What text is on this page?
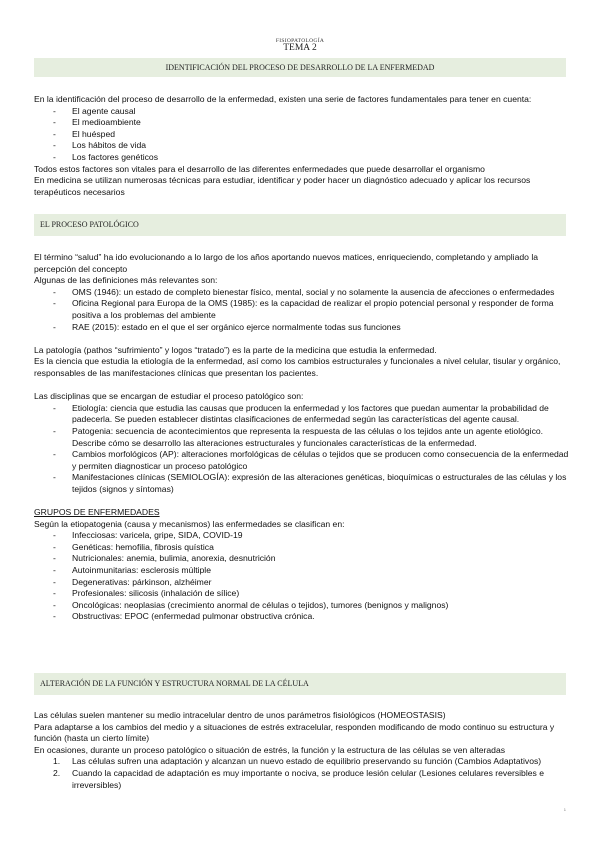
FISIOPATOLOGÍA
TEMA 2
IDENTIFICACIÓN DEL PROCESO DE DESARROLLO DE LA ENFERMEDAD

En la identificación del proceso de desarrollo de la enfermedad, existen una serie de factores fundamentales para tener en cuenta:

- El agente causal
- El medioambiente
- El huésped
- Los hábitos de vida
- Los factores genéticos

Todos estos factores son vitales para el desarrollo de las diferentes enfermedades que puede desarrollar el organismo

En medicina se utilizan numerosas técnicas para estudiar, identificar y poder hacer un diagnóstico adecuado y aplicar los recursos terapéuticos necesarios

EL PROCESO PATOLÓGICO

El término “salud” ha ido evolucionando a lo largo de los años aportando nuevos matices, enriqueciendo, completando y ampliado la percepción del concepto

Algunas de las definiciones más relevantes son:

- OMS (1946): un estado de completo bienestar físico, mental, social y no solamente la ausencia de afecciones o enfermedades
- Oficina Regional para Europa de la OMS (1985): es la capacidad de realizar el propio potencial personal y responder de forma positiva a los problemas del ambiente
- RAE (2015): estado en el que el ser orgánico ejerce normalmente todas sus funciones

La patología (pathos “sufrimiento” y logos “tratado”) es la parte de la medicina que estudia la enfermedad.

Es la ciencia que estudia la etiología de la enfermedad, así como los cambios estructurales y funcionales a nivel celular, tisular y orgánico, responsables de las manifestaciones clínicas que presentan los pacientes.

Las disciplinas que se encargan de estudiar el proceso patológico son:

- Etiología: ciencia que estudia las causas que producen la enfermedad y los factores que puedan aumentar la probabilidad de padecerla. Se pueden establecer distintas clasificaciones de enfermedad según las características del agente causal.
- Patogenia: secuencia de acontecimientos que representa la respuesta de las células o los tejidos ante un agente etiológico. Describe cómo se desarrollo las alteraciones estructurales y funcionales características de la enfermedad.
- Cambios morfológicos (AP): alteraciones morfológicas de células o tejidos que se producen como consecuencia de la enfermedad y permiten diagnosticar un proceso patológico
- Manifestaciones clínicas (SEMIOLOGÍA): expresión de las alteraciones genéticas, bioquímicas o estructurales de las células y los tejidos (signos y síntomas)

GRUPOS DE ENFERMEDADES

Según la etiopatogenia (causa y mecanismos) las enfermedades se clasifican en:

- Infecciosas: varicela, gripe, SIDA, COVID-19
- Genéticas: hemofilia, fibrosis quística
- Nutricionales: anemia, bulimia, anorexia, desnutrición
- Autoinmunitarias: esclerosis múltiple
- Degenerativas: párkinson, alzhéimer
- Profesionales: silicosis (inhalación de sílice)
- Oncológicas: neoplasias (crecimiento anormal de células o tejidos), tumores (benignos y malignos)
- Obstructivas: EPOC (enfermedad pulmonar obstructiva crónica.
ALTERACIÓN DE LA FUNCIÓN Y ESTRUCTURA NORMAL DE LA CÉLULA

Las células suelen mantener su medio intracelular dentro de unos parámetros fisiológicos (HOMEOSTASIS)

Para adaptarse a los cambios del medio y a situaciones de estrés extracelular, responden modificando de modo continuo su estructura y función (hasta un cierto límite)

En ocasiones, durante un proceso patológico o situación de estrés, la función y la estructura de las células se ven alteradas

1. Las células sufren una adaptación y alcanzan un nuevo estado de equilibrio preservando su función (Cambios Adaptativos)
2. Cuando la capacidad de adaptación es muy importante o nociva, se produce lesión celular (Lesiones celulares reversibles e irreversibles)
1
